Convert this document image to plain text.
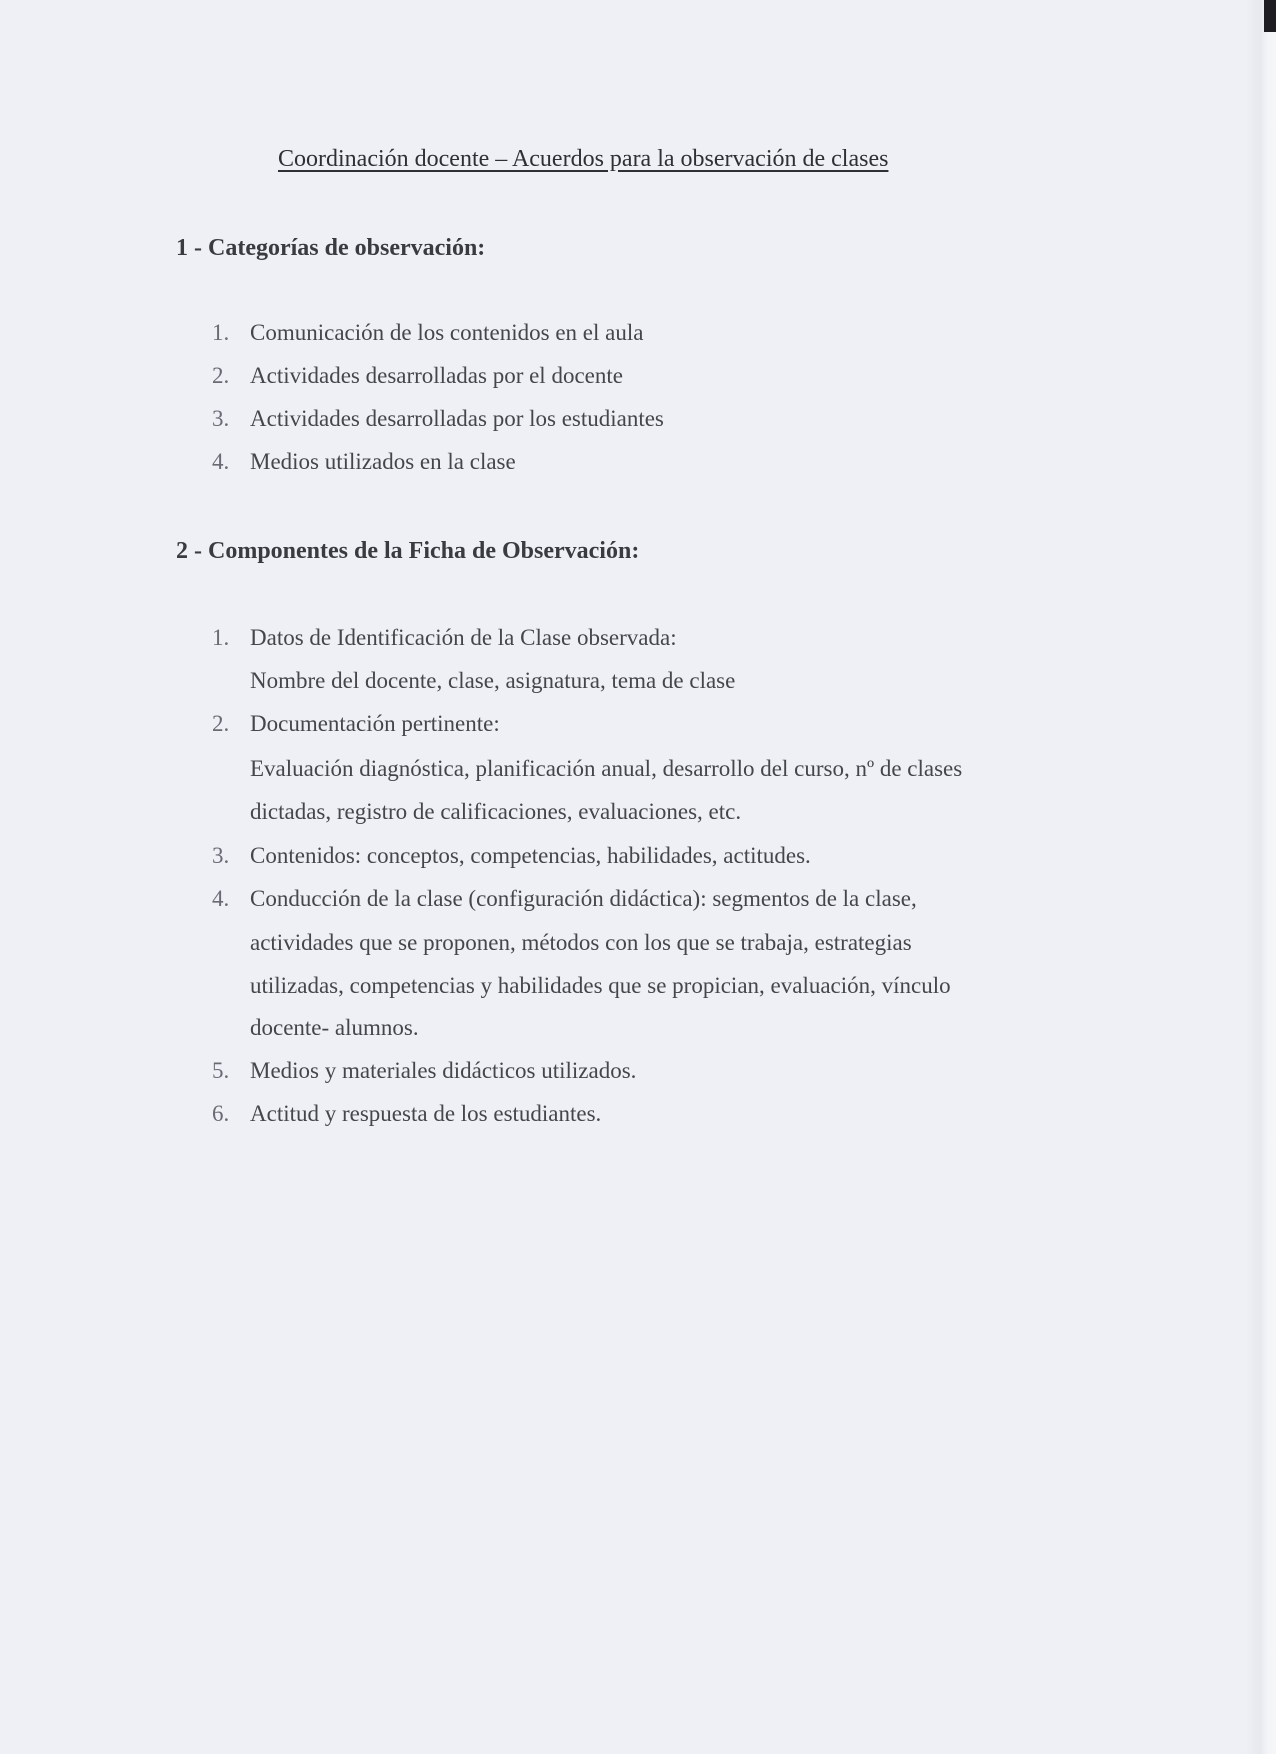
Coordinación docente – Acuerdos para la observación de clases
1 - Categorías de observación:
1. Comunicación de los contenidos en el aula
2. Actividades desarrolladas por el docente
3. Actividades desarrolladas por los estudiantes
4. Medios utilizados en la clase
2 - Componentes de la Ficha de Observación:
1. Datos de Identificación de la Clase observada:
Nombre del docente, clase, asignatura, tema de clase
2. Documentación pertinente:
Evaluación diagnóstica, planificación anual, desarrollo del curso, nº de clases
dictadas, registro de calificaciones, evaluaciones, etc.
3. Contenidos: conceptos, competencias, habilidades, actitudes.
4. Conducción de la clase (configuración didáctica): segmentos de la clase,
actividades que se proponen, métodos con los que se trabaja, estrategias
utilizadas, competencias y habilidades que se propician, evaluación, vínculo
docente- alumnos.
5. Medios y materiales didácticos utilizados.
6. Actitud y respuesta de los estudiantes.
